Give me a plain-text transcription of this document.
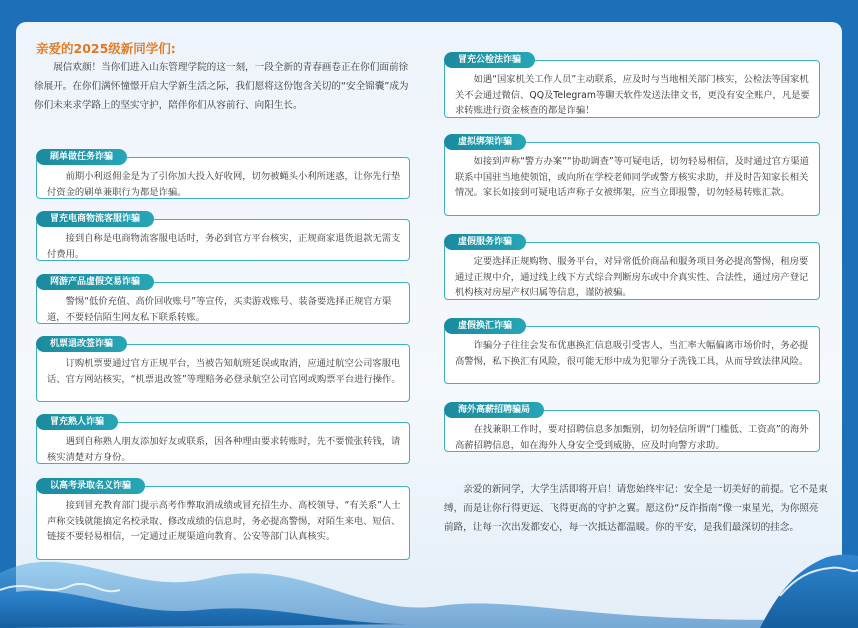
亲爱的2025级新同学们:
展信欢颜！当你们进入山东管理学院的这一刻，一段全新的青春画卷正在你们面前徐徐展开。在你们满怀憧憬开启大学新生活之际，我们愿将这份饱含关切的“安全锦囊”成为你们未来求学路上的坚实守护，陪伴你们从容前行、向阳生长。
刷单做任务诈骗
前期小利返佣金是为了引你加大投入好收网，切勿被蝇头小利所迷惑，让你先行垫付资金的刷单兼职行为都是诈骗。
冒充电商物流客服诈骗
接到自称是电商物流客服电话时，务必到官方平台核实，正规商家退货退款无需支付费用。
网游产品虚假交易诈骗
警惕“低价充值、高价回收账号”等宣传，买卖游戏账号、装备要选择正规官方渠道，不要轻信陌生网友私下联系转账。
机票退改签诈骗
订购机票要通过官方正规平台，当被告知航班延误或取消，应通过航空公司客服电话、官方网站核实，“机票退改签”等理赔务必登录航空公司官网或购票平台进行操作。
冒充熟人诈骗
遇到自称熟人朋友添加好友或联系，因各种理由要求转账时，先不要慌张转钱，请核实清楚对方身份。
以高考录取名义诈骗
接到冒充教育部门提示高考作弊取消成绩或冒充招生办、高校领导、“有关系”人士声称交钱就能搞定名校录取、修改成绩的信息时，务必提高警惕，对陌生来电、短信、链接不要轻易相信，一定通过正规渠道向教育、公安等部门认真核实。
冒充公检法诈骗
如遇“国家机关工作人员”主动联系，应及时与当地相关部门核实，公检法等国家机关不会通过微信、QQ及Telegram等聊天软件发送法律文书，更没有安全账户，凡是要求转账进行资金核查的都是诈骗！
虚拟绑架诈骗
如接到声称“警方办案”“协助调查”等可疑电话，切勿轻易相信，及时通过官方渠道联系中国驻当地使领馆，或向所在学校老师同学或警方核实求助，并及时告知家长相关情况。家长如接到可疑电话声称子女被绑架，应当立即报警，切勿轻易转账汇款。
虚假服务诈骗
定要选择正规购物、服务平台，对异常低价商品和服务项目务必提高警惕，租房要通过正规中介，通过线上线下方式综合判断房东或中介真实性、合法性，通过房产登记机构核对房屋产权归属等信息，谨防被骗。
虚假换汇诈骗
诈骗分子往往会发布优惠换汇信息吸引受害人，当汇率大幅偏离市场价时，务必提高警惕，私下换汇有风险，很可能无形中成为犯罪分子洗钱工具，从而导致法律风险。
海外高薪招聘骗局
在找兼职工作时，要对招聘信息多加甄别，切勿轻信所谓“门槛低、工资高”的海外高薪招聘信息，如在海外人身安全受到威胁，应及时向警方求助。
亲爱的新同学，大学生活即将开启！请您始终牢记：安全是一切美好的前提。它不是束缚，而是让你行得更远、飞得更高的守护之翼。愿这份“反诈指南”像一束星光，为你照亮前路，让每一次出发都安心，每一次抵达都温暖。你的平安，是我们最深切的挂念。
